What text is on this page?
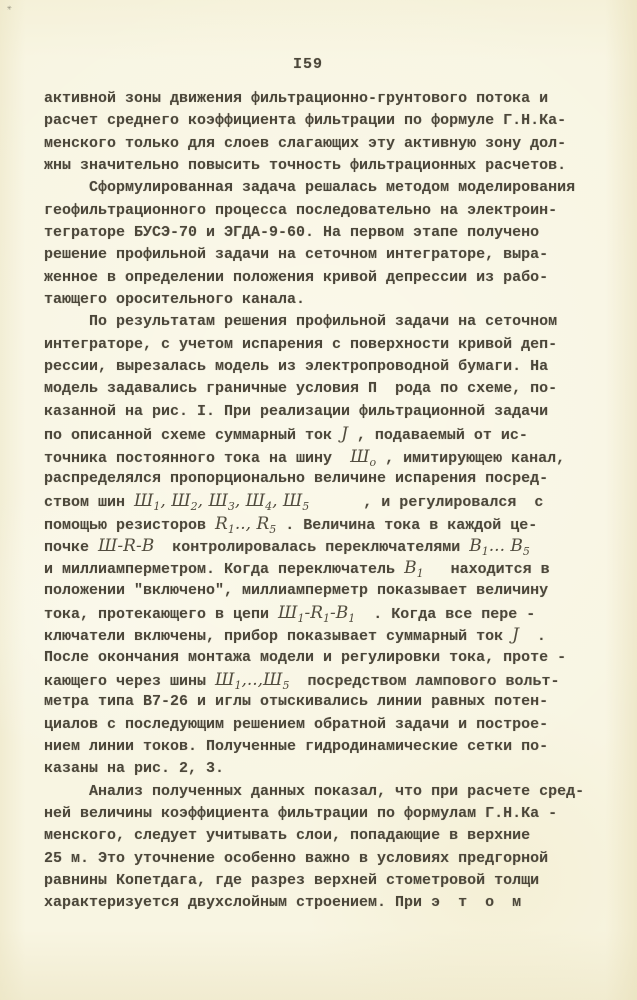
✳
I59
активной зоны движения фильтрационно-грунтового потока и
расчет среднего коэффициента фильтрации по формуле Г.Н.Ка-
менского только для слоев слагающих эту активную зону дол-
жны значительно повысить точность фильтрационных расчетов.
Сформулированная задача решалась методом моделирования
геофильтрационного процесса последовательно на электроин-
теграторе БУСЭ-70 и ЭГДА-9-60. На первом этапе получено
решение профильной задачи на сеточном интеграторе, выра-
женное в определении положения кривой депрессии из рабо-
тающего оросительного канала.
По результатам решения профильной задачи на сеточном
интеграторе, с учетом испарения с поверхности кривой деп-
рессии, вырезалась модель из электропроводной бумаги. На
модель задавались граничные условия П  рода по схеме, по-
казанной на рис. I. При реализации фильтрационной задачи
по описанной схеме суммарный ток J , подаваемый от ис-
точника постоянного тока на шину  $Ш_o$ , имитирующею канал,
распределялся пропорционально величине испарения посред-
ством шин $Ш_1$, $Ш_2$, $Ш_3$, $Ш_4$, $Ш_5$      , и регулировался  с
помощью резисторов $R_1$.., $R_5$ . Величина тока в каждой це-
почке Ш-R-В  контролировалась переключателями $В_1$... $В_5$
и миллиамперметром. Когда переключатель $В_1$   находится в
положении "включено", миллиамперметр показывает величину
тока, протекающего в цепи $Ш_1-R_1-В_1$  . Когда все пере -
ключатели включены, прибор показывает суммарный ток J  .
После окончания монтажа модели и регулировки тока, проте -
кающего через шины $Ш_1,..,Ш_5$  посредством лампового вольт-
метра типа В7-26 и иглы отыскивались линии равных потен-
циалов с последующим решением обратной задачи и построе-
нием линии токов. Полученные гидродинамические сетки по-
казаны на рис. 2, 3.
Анализ полученных данных показал, что при расчете сред-
ней величины коэффициента фильтрации по формулам Г.Н.Ка -
менского, следует учитывать слои, попадающие в верхние
25 м. Это уточнение особенно важно в условиях предгорной
равнины Копетдага, где разрез верхней стометровой толщи
характеризуется двухслойным строением. При э  т  о  м
